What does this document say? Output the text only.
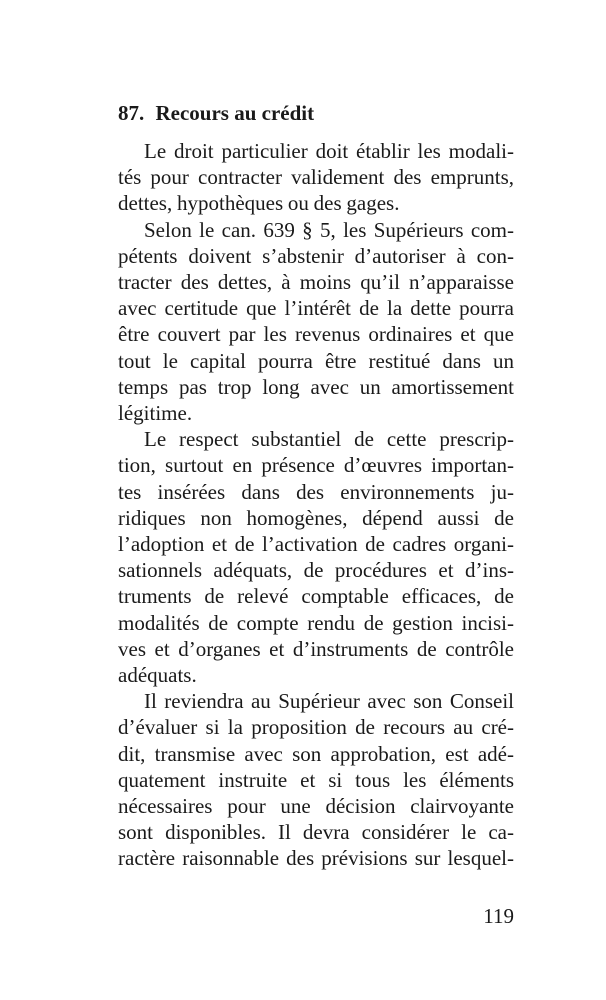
87. Recours au crédit
Le droit particulier doit établir les modali-
tés pour contracter validement des emprunts,
dettes, hypothèques ou des gages.
Selon le can. 639 § 5, les Supérieurs com-
pétents doivent s’abstenir d’autoriser à con-
tracter des dettes, à moins qu’il n’apparaisse
avec certitude que l’intérêt de la dette pourra
être couvert par les revenus ordinaires et que
tout le capital pourra être restitué dans un
temps pas trop long avec un amortissement
légitime.
Le respect substantiel de cette prescrip-
tion, surtout en présence d’œuvres importan-
tes insérées dans des environnements ju-
ridiques non homogènes, dépend aussi de
l’adoption et de l’activation de cadres organi-
sationnels adéquats, de procédures et d’ins-
truments de relevé comptable efficaces, de
modalités de compte rendu de gestion incisi-
ves et d’organes et d’instruments de contrôle
adéquats.
Il reviendra au Supérieur avec son Conseil
d’évaluer si la proposition de recours au cré-
dit, transmise avec son approbation, est adé-
quatement instruite et si tous les éléments
nécessaires pour une décision clairvoyante
sont disponibles. Il devra considérer le ca-
ractère raisonnable des prévisions sur lesquel-
119
